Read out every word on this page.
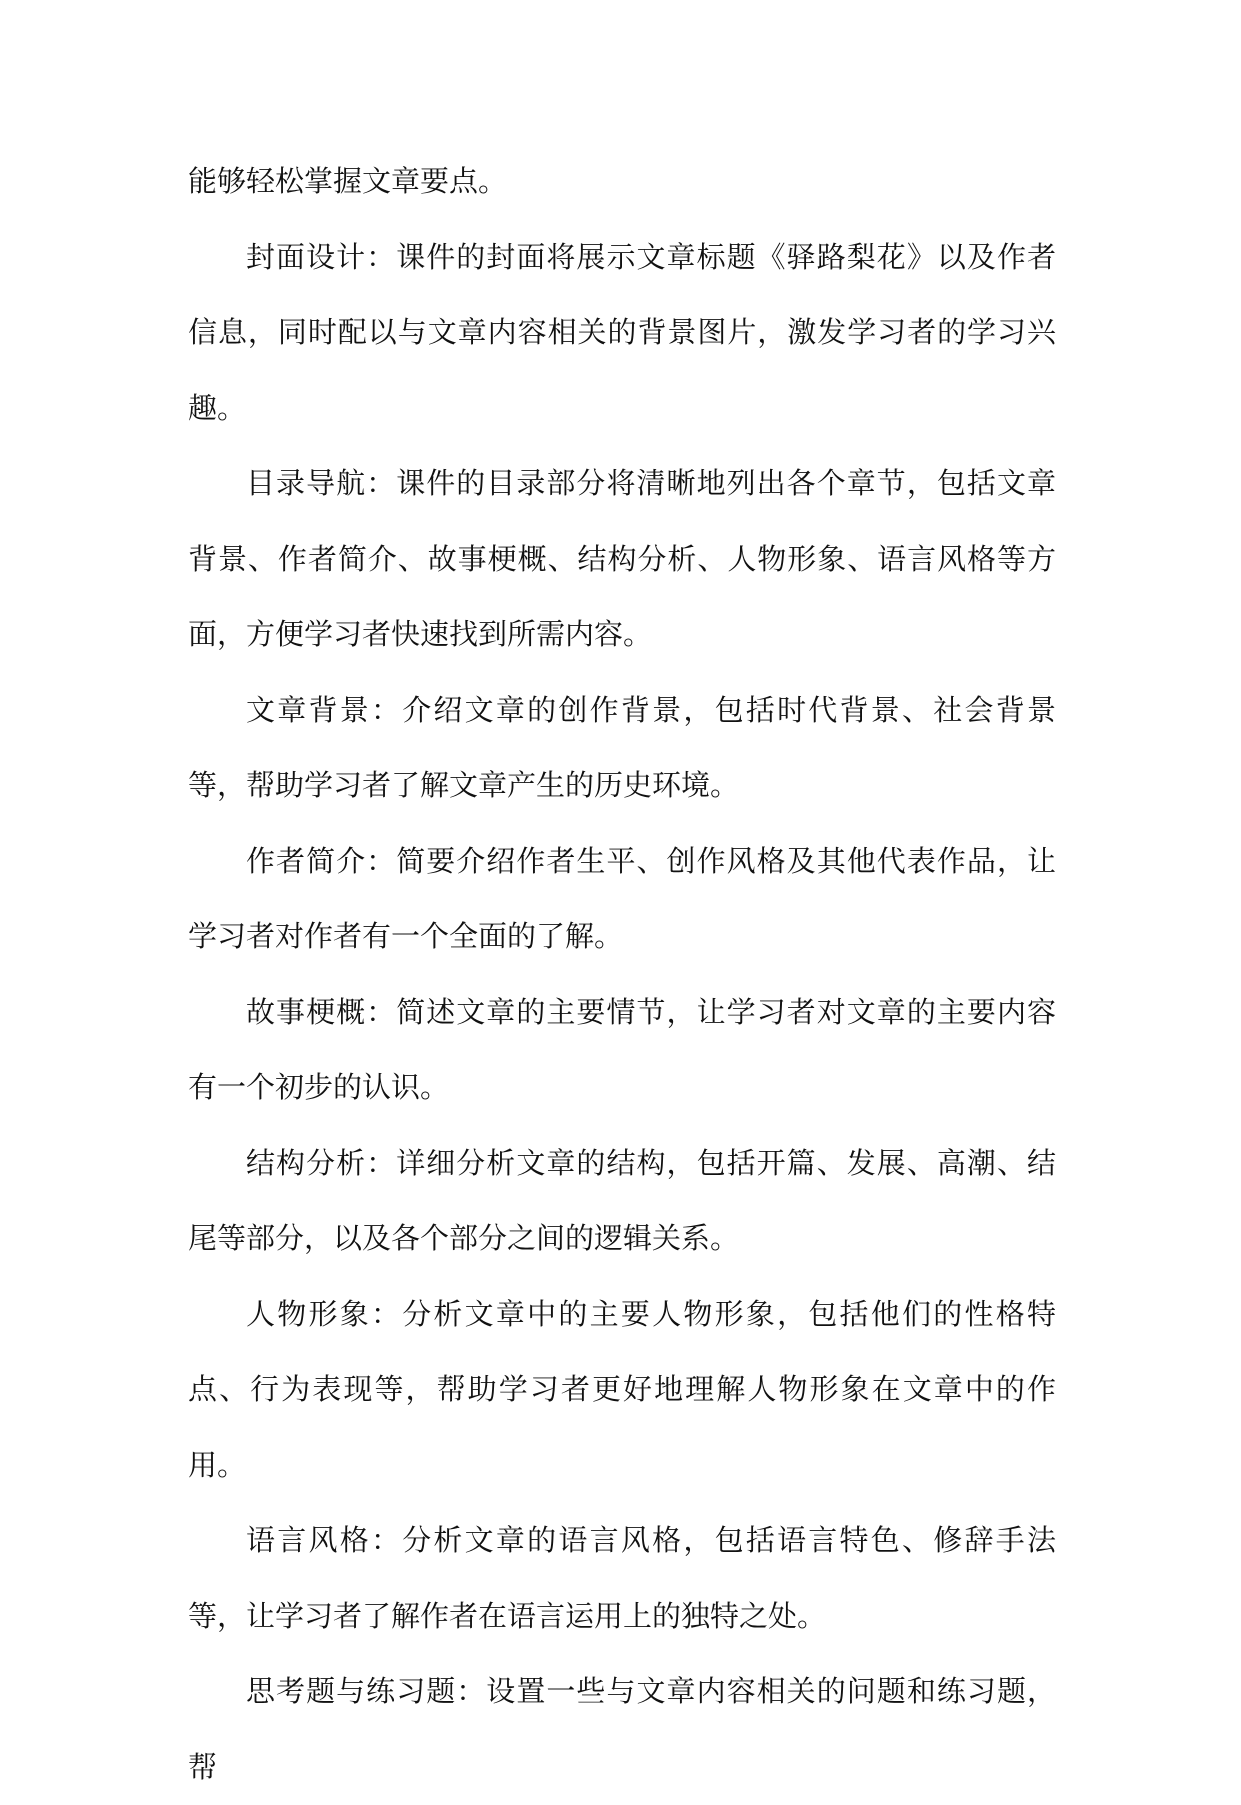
能够轻松掌握文章要点。

封面设计：课件的封面将展示文章标题《驿路梨花》以及作者信息，同时配以与文章内容相关的背景图片，激发学习者的学习兴趣。

目录导航：课件的目录部分将清晰地列出各个章节，包括文章背景、作者简介、故事梗概、结构分析、人物形象、语言风格等方面，方便学习者快速找到所需内容。

文章背景：介绍文章的创作背景，包括时代背景、社会背景等，帮助学习者了解文章产生的历史环境。

作者简介：简要介绍作者生平、创作风格及其他代表作品，让学习者对作者有一个全面的了解。

故事梗概：简述文章的主要情节，让学习者对文章的主要内容有一个初步的认识。

结构分析：详细分析文章的结构，包括开篇、发展、高潮、结尾等部分，以及各个部分之间的逻辑关系。

人物形象：分析文章中的主要人物形象，包括他们的性格特点、行为表现等，帮助学习者更好地理解人物形象在文章中的作用。

语言风格：分析文章的语言风格，包括语言特色、修辞手法等，让学习者了解作者在语言运用上的独特之处。

思考题与练习题：设置一些与文章内容相关的问题和练习题，帮
